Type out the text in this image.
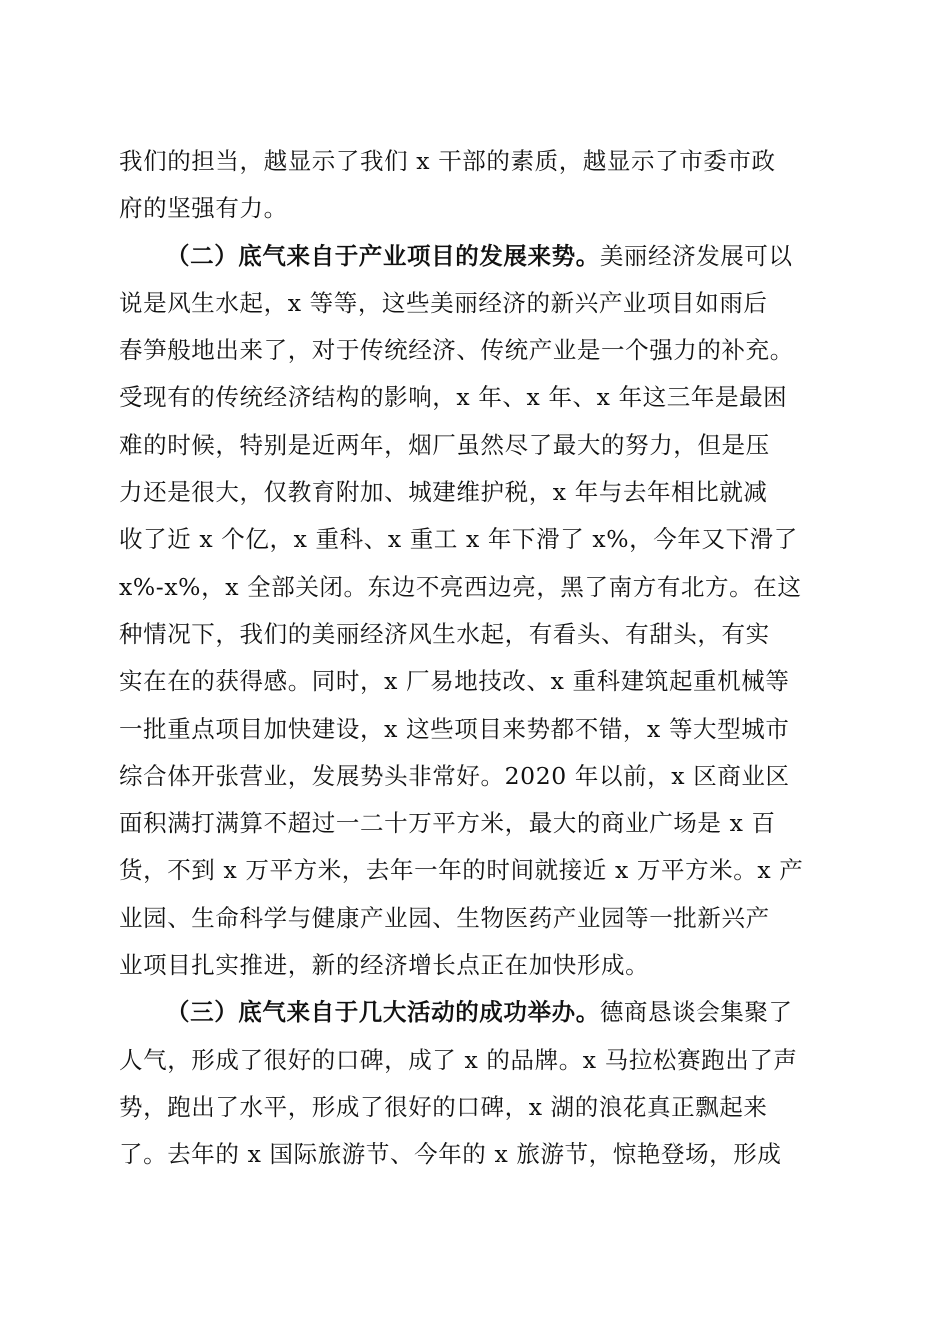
我们的担当，越显示了我们 x 干部的素质，越显示了市委市政
府的坚强有力。
（二）底气来自于产业项目的发展来势。美丽经济发展可以
说是风生水起，x 等等，这些美丽经济的新兴产业项目如雨后
春笋般地出来了，对于传统经济、传统产业是一个强力的补充。
受现有的传统经济结构的影响，x 年、x 年、x 年这三年是最困
难的时候，特别是近两年，烟厂虽然尽了最大的努力，但是压
力还是很大，仅教育附加、城建维护税，x 年与去年相比就减
收了近 x 个亿，x 重科、x 重工 x 年下滑了 x%，今年又下滑了
x%-x%，x 全部关闭。东边不亮西边亮，黑了南方有北方。在这
种情况下，我们的美丽经济风生水起，有看头、有甜头，有实
实在在的获得感。同时，x 厂易地技改、x 重科建筑起重机械等
一批重点项目加快建设，x 这些项目来势都不错，x 等大型城市
综合体开张营业，发展势头非常好。2020 年以前，x 区商业区
面积满打满算不超过一二十万平方米，最大的商业广场是 x 百
货，不到 x 万平方米，去年一年的时间就接近 x 万平方米。x 产
业园、生命科学与健康产业园、生物医药产业园等一批新兴产
业项目扎实推进，新的经济增长点正在加快形成。
（三）底气来自于几大活动的成功举办。德商恳谈会集聚了
人气，形成了很好的口碑，成了 x 的品牌。x 马拉松赛跑出了声
势，跑出了水平，形成了很好的口碑，x 湖的浪花真正飘起来
了。去年的 x 国际旅游节、今年的 x 旅游节，惊艳登场，形成
